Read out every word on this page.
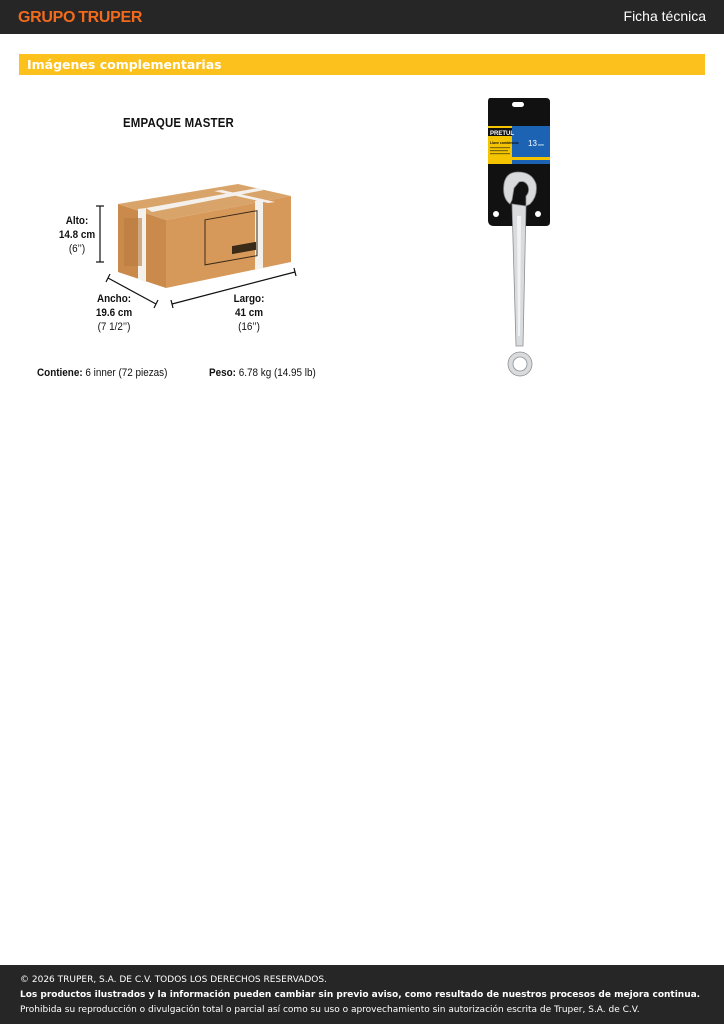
GRUPO TRUPER	Ficha técnica
Imágenes complementarias
EMPAQUE MASTER
Alto:
14.8 cm
(6’’)
Ancho:
19.6 cm
(7 1/2’’)
Largo:
41 cm
(16’’)
Contiene: 6 inner (72 piezas)	Peso: 6.78 kg (14.95 lb)
PRETUL
13 mm
Llave combinada

© 2026 TRUPER, S.A. DE C.V. TODOS LOS DERECHOS RESERVADOS.

Los productos ilustrados y la información pueden cambiar sin previo aviso, como resultado de nuestros procesos de mejora continua.

Prohibida su reproducción o divulgación total o parcial así como su uso o aprovechamiento sin autorización escrita de Truper, S.A. de C.V.
